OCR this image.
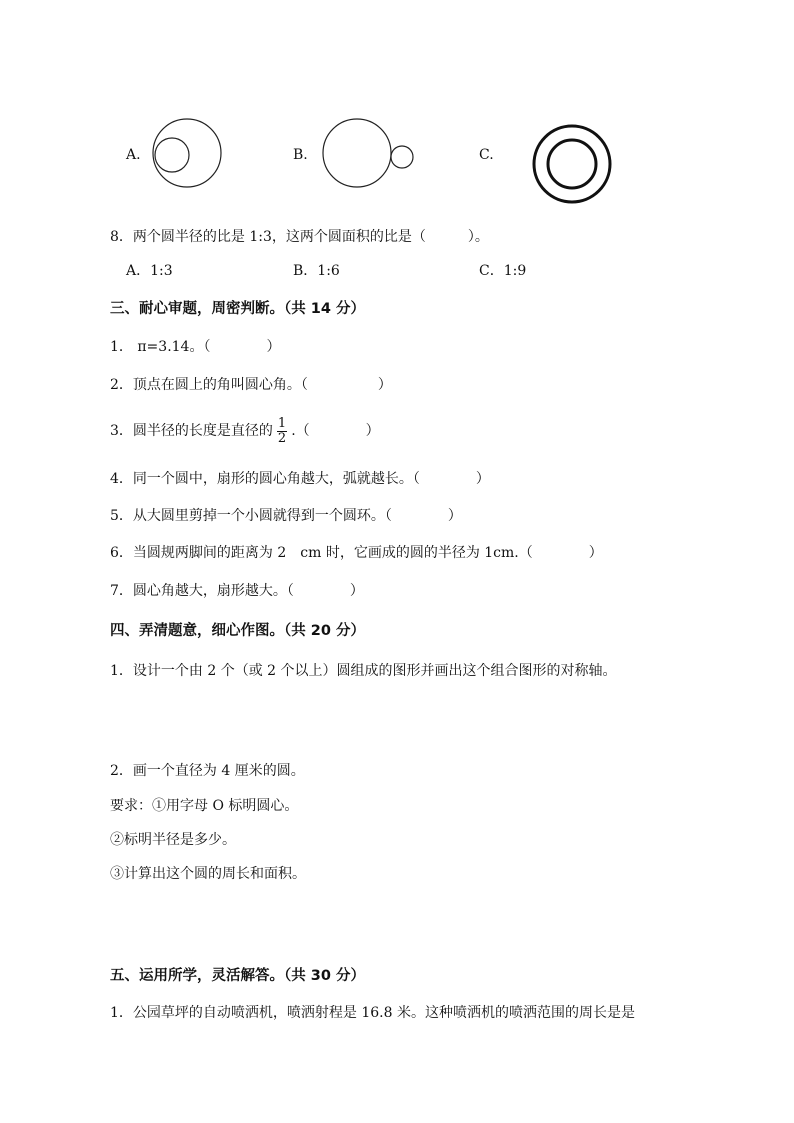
A.	B.	C.
8．两个圆半径的比是 1:3，这两个圆面积的比是（　　　）。
A．1:3	B．1:6	C．1:9
三、耐心审题，周密判断。（共 14 分）
1． π=3.14。（　　　　）
2．顶点在圆上的角叫圆心角。（　　　　　）
3．圆半径的长度是直径的 $\frac{1}{2}$ .（　　　　）
4．同一个圆中，扇形的圆心角越大，弧就越长。（　　　　）
5．从大圆里剪掉一个小圆就得到一个圆环。（　　　　）
6．当圆规两脚间的距离为 2　cm 时，它画成的圆的半径为 1cm.（　　　　）
7．圆心角越大，扇形越大。（　　　　）
四、弄清题意，细心作图。（共 20 分）
1．设计一个由 2 个（或 2 个以上）圆组成的图形并画出这个组合图形的对称轴。
2．画一个直径为 4 厘米的圆。
要求：①用字母 O 标明圆心。
②标明半径是多少。
③计算出这个圆的周长和面积。
五、运用所学，灵活解答。（共 30 分）
1．公园草坪的自动喷洒机，喷洒射程是 16.8 米。这种喷洒机的喷洒范围的周长是是
